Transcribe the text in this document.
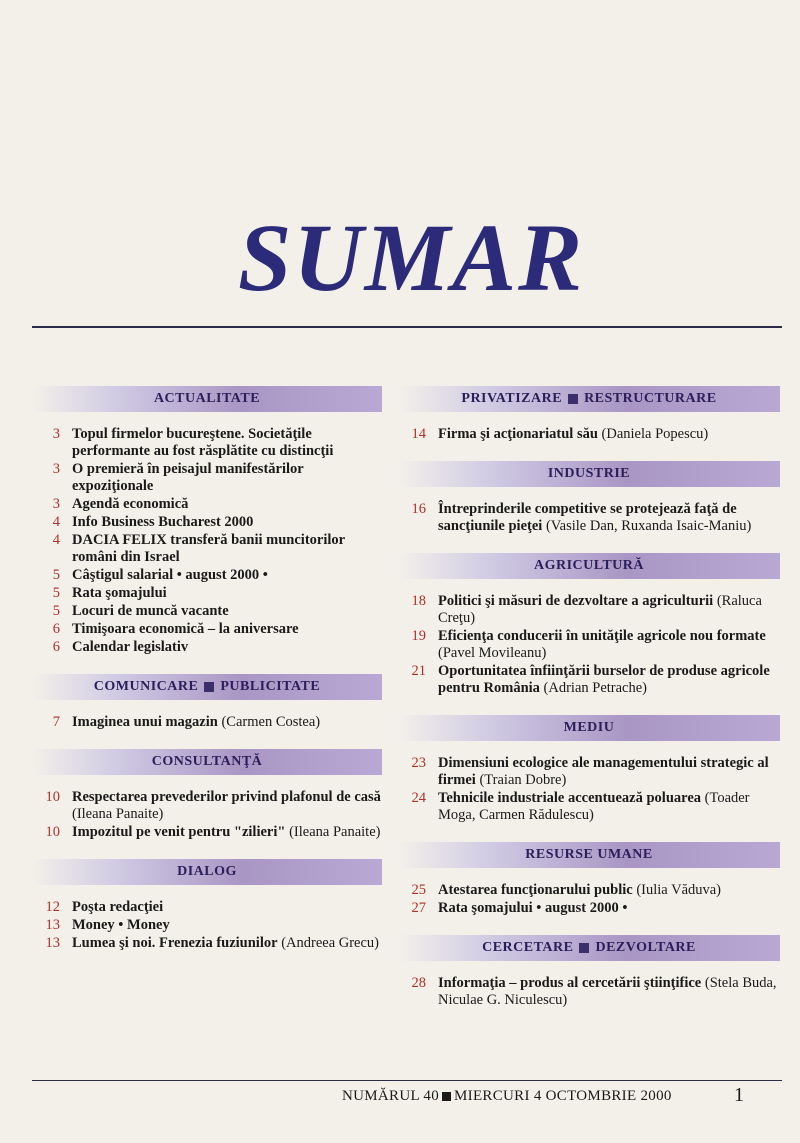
SUMAR
ACTUALITATE
3 Topul firmelor bucureştene. Societăţile performante au fost răsplătite cu distincţii
3 O premieră în peisajul manifestărilor expoziţionale
3 Agendă economică
4 Info Business Bucharest 2000
4 DACIA FELIX transferă banii muncitorilor români din Israel
5 Câştigul salarial • august 2000 •
5 Rata şomajului
5 Locuri de muncă vacante
6 Timişoara economică – la aniversare
6 Calendar legislativ
COMUNICARE PUBLICITATE
7 Imaginea unui magazin (Carmen Costea)
CONSULTANŢĂ
10 Respectarea prevederilor privind plafonul de casă (Ileana Panaite)
10 Impozitul pe venit pentru "zilieri" (Ileana Panaite)
DIALOG
12 Poşta redacţiei
13 Money • Money
13 Lumea şi noi. Frenezia fuziunilor (Andreea Grecu)
PRIVATIZARE RESTRUCTURARE
14 Firma şi acţionariatul său (Daniela Popescu)
INDUSTRIE
16 Întreprinderile competitive se protejează faţă de sancţiunile pieţei (Vasile Dan, Ruxanda Isaic-Maniu)
AGRICULTURĂ
18 Politici şi măsuri de dezvoltare a agriculturii (Raluca Creţu)
19 Eficienţa conducerii în unităţile agricole nou formate (Pavel Movileanu)
21 Oportunitatea înfiinţării burselor de produse agricole pentru România (Adrian Petrache)
MEDIU
23 Dimensiuni ecologice ale managementului strategic al firmei (Traian Dobre)
24 Tehnicile industriale accentuează poluarea (Toader Moga, Carmen Rădulescu)
RESURSE UMANE
25 Atestarea funcţionarului public (Iulia Văduva)
27 Rata şomajului • august 2000 •
CERCETARE DEZVOLTARE
28 Informaţia – produs al cercetării ştiinţifice (Stela Buda, Niculae G. Niculescu)
NUMĂRUL 40 MIERCURI 4 OCTOMBRIE 2000	1
